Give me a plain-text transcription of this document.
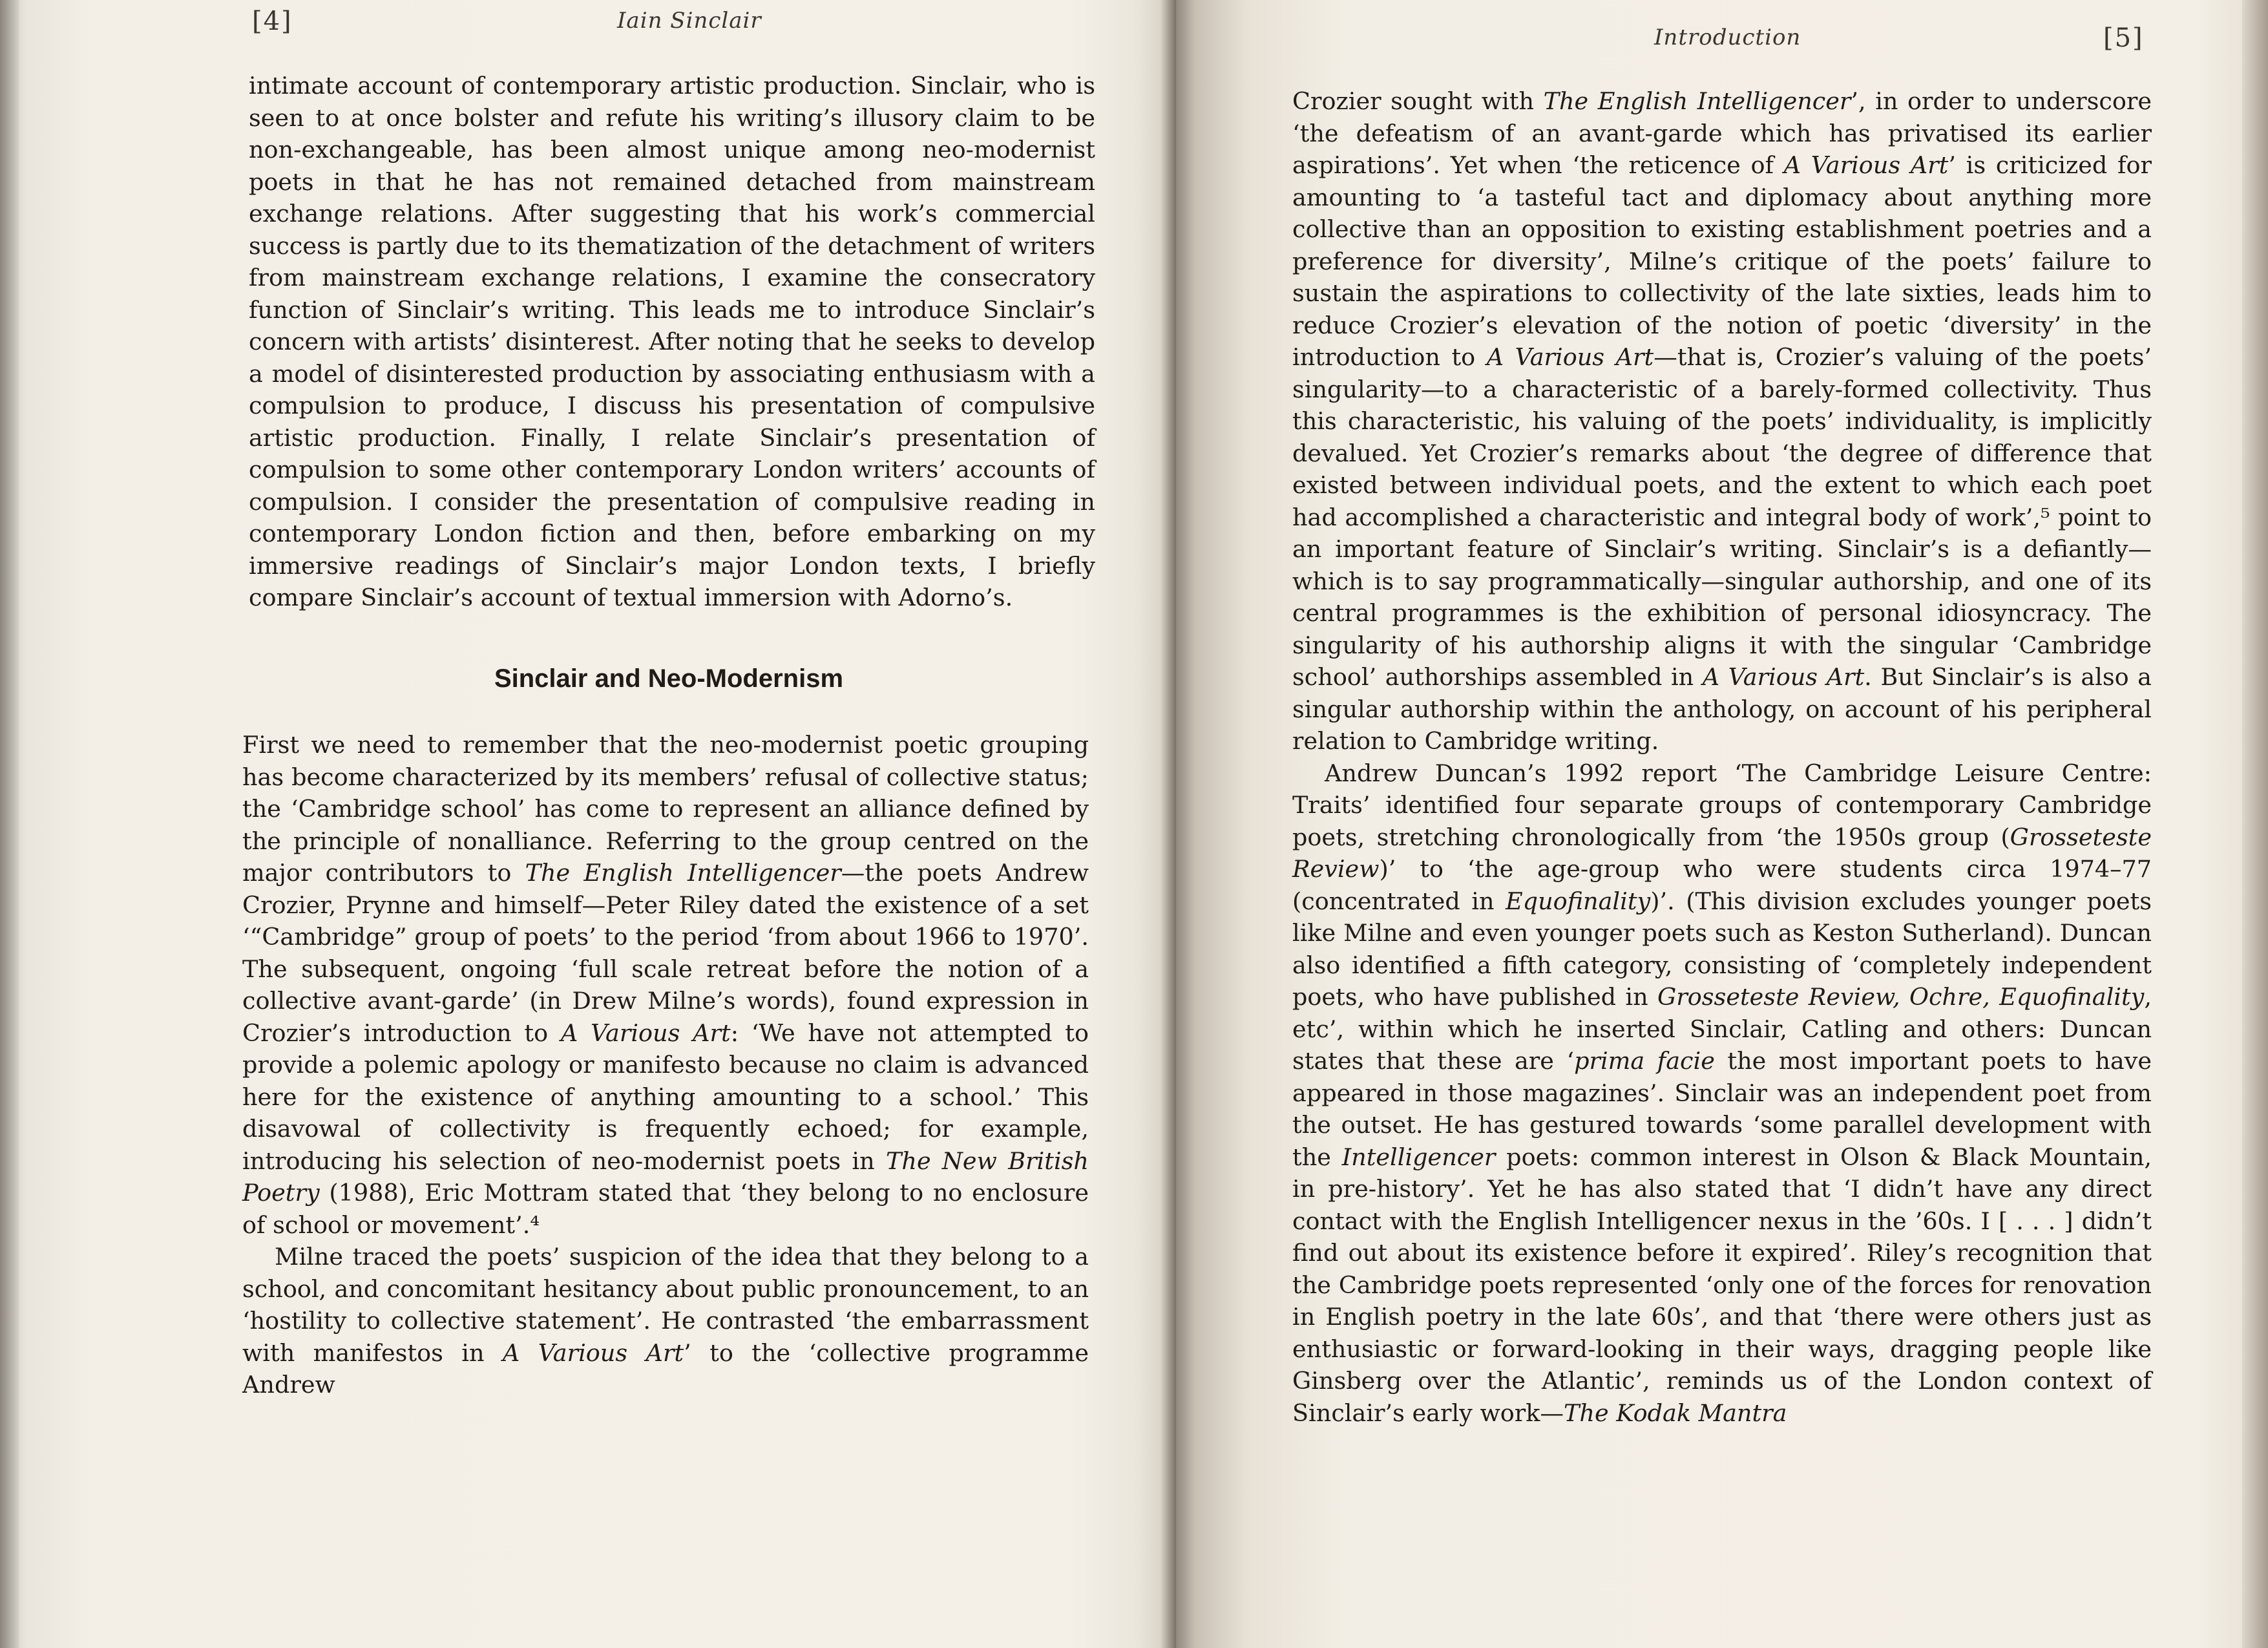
[4]	Iain Sinclair

intimate account of contemporary artistic production. Sinclair, who is seen to at once bolster and refute his writing’s illusory claim to be non-exchangeable, has been almost unique among neo-modernist poets in that he has not remained detached from mainstream exchange relations. After suggesting that his work’s commercial success is partly due to its thematization of the detachment of writers from mainstream exchange relations, I examine the consecratory function of Sinclair’s writing. This leads me to introduce Sinclair’s concern with artists’ disinterest. After noting that he seeks to develop a model of disinterested production by associating enthusiasm with a compulsion to produce, I discuss his presentation of compulsive artistic production. Finally, I relate Sinclair’s presentation of compulsion to some other contemporary London writers’ accounts of compulsion. I consider the presentation of compulsive reading in contemporary London fiction and then, before embarking on my immersive readings of Sinclair’s major London texts, I briefly compare Sinclair’s account of textual immersion with Adorno’s.

Sinclair and Neo-Modernism

First we need to remember that the neo-modernist poetic grouping has become characterized by its members’ refusal of collective status; the ‘Cambridge school’ has come to represent an alliance defined by the principle of nonalliance. Referring to the group centred on the major contributors to The English Intelligencer—the poets Andrew Crozier, Prynne and himself—Peter Riley dated the existence of a set ‘“Cambridge” group of poets’ to the period ‘from about 1966 to 1970’. The subsequent, ongoing ‘full scale retreat before the notion of a collective avant-garde’ (in Drew Milne’s words), found expression in Crozier’s introduction to A Various Art: ‘We have not attempted to provide a polemic apology or manifesto because no claim is advanced here for the existence of anything amounting to a school.’ This disavowal of collectivity is frequently echoed; for example, introducing his selection of neo-modernist poets in The New British Poetry (1988), Eric Mottram stated that ‘they belong to no enclosure of school or movement’.⁴

Milne traced the poets’ suspicion of the idea that they belong to a school, and concomitant hesitancy about public pronouncement, to an ‘hostility to collective statement’. He contrasted ‘the embarrassment with manifestos in A Various Art’ to the ‘collective programme Andrew

Introduction	[5]

Crozier sought with The English Intelligencer’, in order to underscore ‘the defeatism of an avant-garde which has privatised its earlier aspirations’. Yet when ‘the reticence of A Various Art’ is criticized for amounting to ‘a tasteful tact and diplomacy about anything more collective than an opposition to existing establishment poetries and a preference for diversity’, Milne’s critique of the poets’ failure to sustain the aspirations to collectivity of the late sixties, leads him to reduce Crozier’s elevation of the notion of poetic ‘diversity’ in the introduction to A Various Art—that is, Crozier’s valuing of the poets’ singularity—to a characteristic of a barely-formed collectivity. Thus this characteristic, his valuing of the poets’ individuality, is implicitly devalued. Yet Crozier’s remarks about ‘the degree of difference that existed between individual poets, and the extent to which each poet had accomplished a characteristic and integral body of work’,⁵ point to an important feature of Sinclair’s writing. Sinclair’s is a defiantly—which is to say programmatically—singular authorship, and one of its central programmes is the exhibition of personal idiosyncracy. The singularity of his authorship aligns it with the singular ‘Cambridge school’ authorships assembled in A Various Art. But Sinclair’s is also a singular authorship within the anthology, on account of his peripheral relation to Cambridge writing.

Andrew Duncan’s 1992 report ‘The Cambridge Leisure Centre: Traits’ identified four separate groups of contemporary Cambridge poets, stretching chronologically from ‘the 1950s group (Grosseteste Review)’ to ‘the age-group who were students circa 1974–77 (concentrated in Equofinality)’. (This division excludes younger poets like Milne and even younger poets such as Keston Sutherland). Duncan also identified a fifth category, consisting of ‘completely independent poets, who have published in Grosseteste Review, Ochre, Equofinality, etc’, within which he inserted Sinclair, Catling and others: Duncan states that these are ‘prima facie the most important poets to have appeared in those magazines’. Sinclair was an independent poet from the outset. He has gestured towards ‘some parallel development with the Intelligencer poets: common interest in Olson & Black Mountain, in pre-history’. Yet he has also stated that ‘I didn’t have any direct contact with the English Intelligencer nexus in the ’60s. I [ . . . ] didn’t find out about its existence before it expired’. Riley’s recognition that the Cambridge poets represented ‘only one of the forces for renovation in English poetry in the late 60s’, and that ‘there were others just as enthusiastic or forward-looking in their ways, dragging people like Ginsberg over the Atlantic’, reminds us of the London context of Sinclair’s early work—The Kodak Mantra
